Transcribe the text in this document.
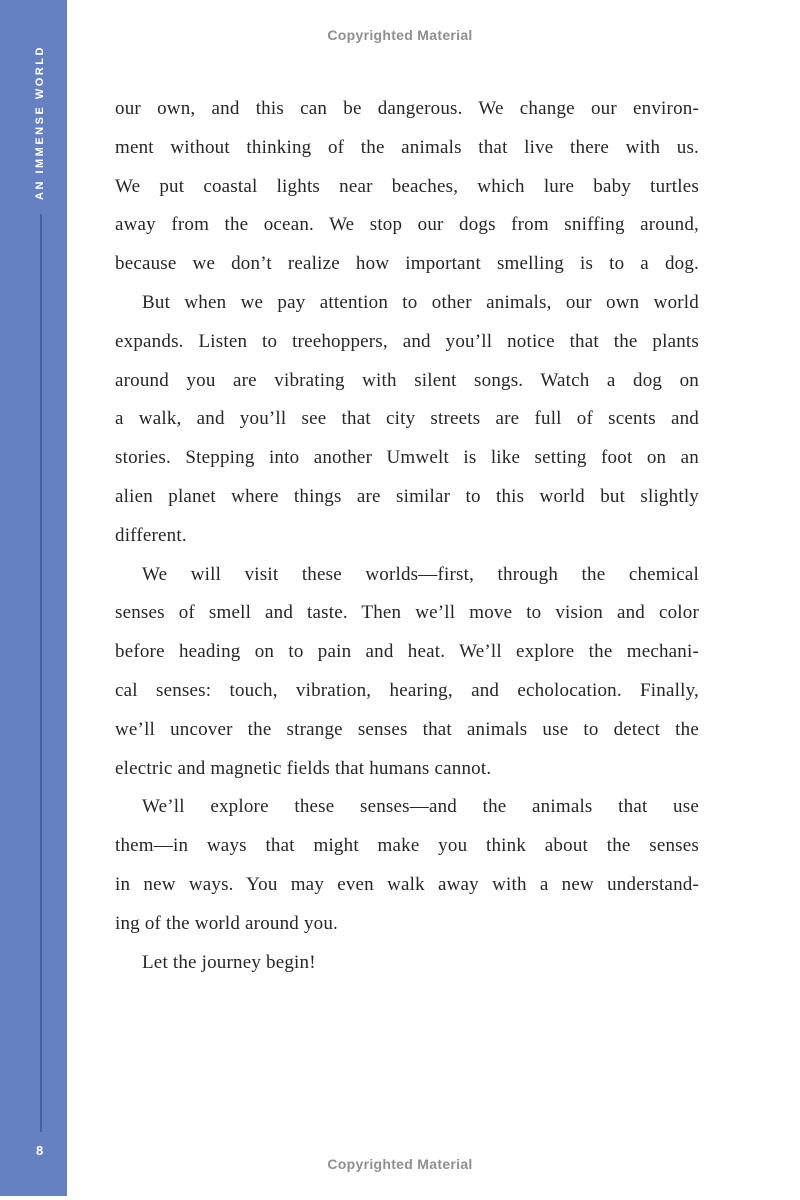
AN IMMENSE WORLD
8
Copyrighted Material
our own, and this can be dangerous. We change our environ-
ment without thinking of the animals that live there with us.
We put coastal lights near beaches, which lure baby turtles
away from the ocean. We stop our dogs from sniffing around,
because we don’t realize how important smelling is to a dog.
But when we pay attention to other animals, our own world
expands. Listen to treehoppers, and you’ll notice that the plants
around you are vibrating with silent songs. Watch a dog on
a walk, and you’ll see that city streets are full of scents and
stories. Stepping into another Umwelt is like setting foot on an
alien planet where things are similar to this world but slightly
different.
We will visit these worlds—first, through the chemical
senses of smell and taste. Then we’ll move to vision and color
before heading on to pain and heat. We’ll explore the mechani-
cal senses: touch, vibration, hearing, and echolocation. Finally,
we’ll uncover the strange senses that animals use to detect the
electric and magnetic fields that humans cannot.
We’ll explore these senses—and the animals that use
them—in ways that might make you think about the senses
in new ways. You may even walk away with a new understand-
ing of the world around you.
Let the journey begin!
Copyrighted Material
